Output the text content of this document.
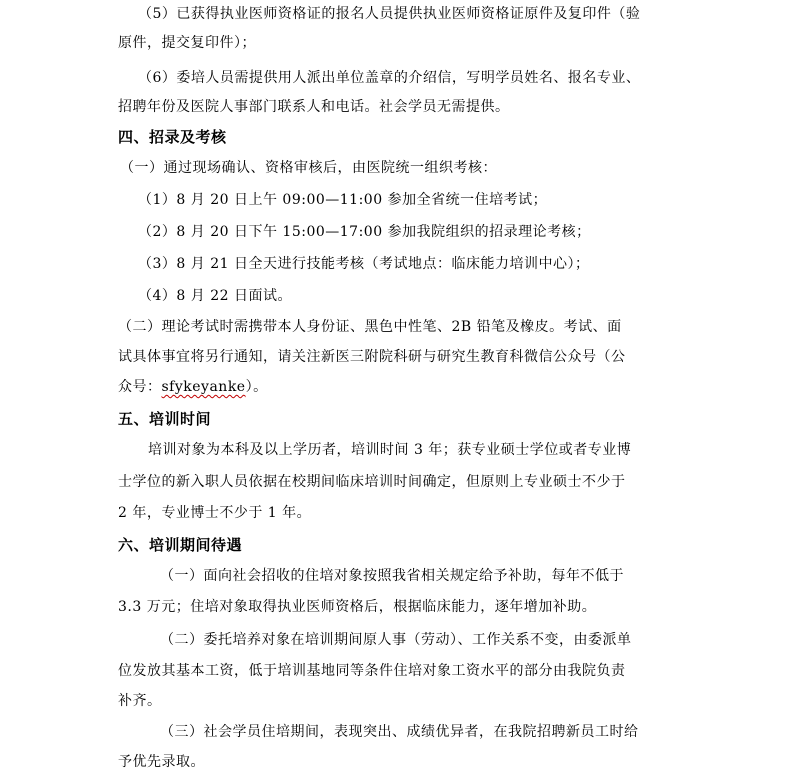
（5）已获得执业医师资格证的报名人员提供执业医师资格证原件及复印件（验
原件，提交复印件）；
（6）委培人员需提供用人派出单位盖章的介绍信，写明学员姓名、报名专业、
招聘年份及医院人事部门联系人和电话。社会学员无需提供。
四、招录及考核
（一）通过现场确认、资格审核后，由医院统一组织考核：
（1）8 月 20 日上午 09:00—11:00 参加全省统一住培考试；
（2）8 月 20 日下午 15:00—17:00 参加我院组织的招录理论考核；
（3）8 月 21 日全天进行技能考核（考试地点：临床能力培训中心）；
（4）8 月 22 日面试。
（二）理论考试时需携带本人身份证、黑色中性笔、2B 铅笔及橡皮。考试、面
试具体事宜将另行通知，请关注新医三附院科研与研究生教育科微信公众号（公
众号：sfykeyanke）。
五、培训时间
培训对象为本科及以上学历者，培训时间 3 年；获专业硕士学位或者专业博
士学位的新入职人员依据在校期间临床培训时间确定，但原则上专业硕士不少于
2 年，专业博士不少于 1 年。
六、培训期间待遇
（一）面向社会招收的住培对象按照我省相关规定给予补助，每年不低于
3.3 万元；住培对象取得执业医师资格后，根据临床能力，逐年增加补助。
（二）委托培养对象在培训期间原人事（劳动）、工作关系不变，由委派单
位发放其基本工资，低于培训基地同等条件住培对象工资水平的部分由我院负责
补齐。
（三）社会学员住培期间，表现突出、成绩优异者，在我院招聘新员工时给
予优先录取。
